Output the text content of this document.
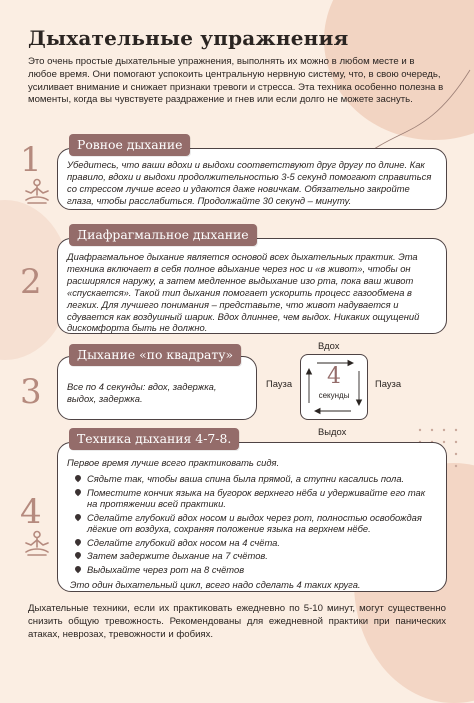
Дыхательные упражнения
Это очень простые дыхательные упражнения, выполнять их можно в любом месте и в любое время. Они помогают успокоить центральную нервную систему, что, в свою очередь, усиливает внимание и снижает признаки тревоги и стресса. Эта техника особенно полезна в моменты, когда вы чувствуете раздражение и гнев или если долго не можете заснуть.
1	Убедитесь, что ваши вдохи и выдохи соответствуют друг другу по длине. Как правило, вдохи и выдохи продолжительностью 3-5 секунд помогают справиться со стрессом лучше всего и удаются даже новичкам. Обязательно закройте глаза, чтобы расслабиться. Продолжайте 30 секунд – минуту.
Ровное дыхание
2
Диафрагмальное дыхание является основой всех дыхательных практик. Эта техника включает в себя полное вдыхание через нос и «в живот», чтобы он расширялся наружу, а затем медленное выдыхание изо рта, пока ваш живот «спускается». Такой тип дыхания помогает ускорить процесс газообмена в легких. Для лучшего понимания – представьте, что живот надувается и сдувается как воздушный шарик. Вдох длиннее, чем выдох. Никаких ощущений дискомфорта быть не должно.
Диафрагмальное дыхание
3	Все по 4 секунды: вдох, задержка, выдох, задержка.
Дыхание «по квадрату»
Вдох
Выдох
Пауза	Пауза
4
секунды
4
Первое время лучше всего практиковать сидя.
Сядьте так, чтобы ваша спина была прямой, а ступни касались пола.
Поместите кончик языка на бугорок верхнего нёба и удерживайте его так на протяжении всей практики.
Сделайте глубокий вдох носом и выдох через рот, полностью освобождая лёгкие от воздуха, сохраняя положение языка на верхнем нёбе.
Сделайте глубокий вдох носом на 4 счёта.
Затем задержите дыхание на 7 счётов.
Выдыхайте через рот на 8 счётов
Это один дыхательный цикл, всего надо сделать 4 таких круга.
Техника дыхания 4-7-8.
Дыхательные техники, если их практиковать ежедневно по 5-10 минут, могут существенно снизить общую тревожность. Рекомендованы для ежедневной практики при панических атаках, неврозах, тревожности и фобиях.
